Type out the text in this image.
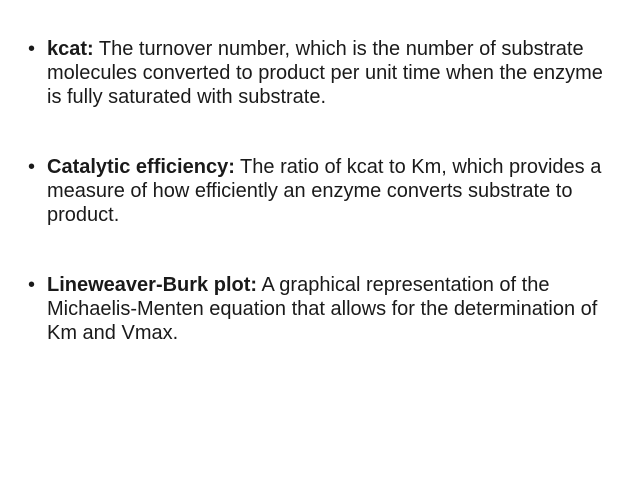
• kcat: The turnover number, which is the number of substrate molecules converted to product per unit time when the enzyme is fully saturated with substrate.
• Catalytic efficiency: The ratio of kcat to Km, which provides a measure of how efficiently an enzyme converts substrate to product.
• Lineweaver-Burk plot: A graphical representation of the Michaelis-Menten equation that allows for the determination of Km and Vmax.
